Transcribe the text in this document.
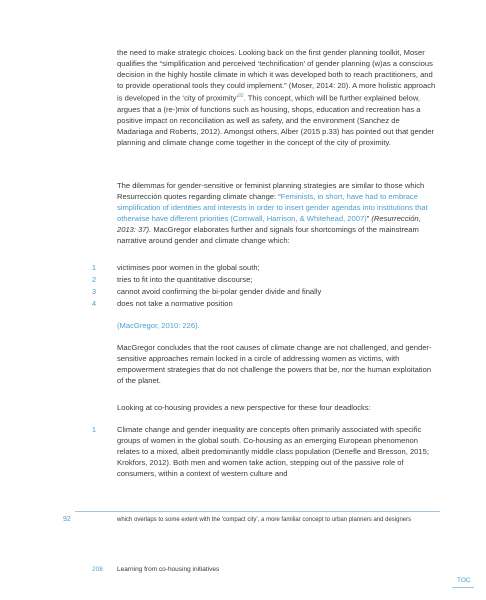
the need to make strategic choices. Looking back on the first gender planning toolkit, Moser qualifies the “simplification and perceived ‘technification’ of gender planning (w)as a conscious decision in the highly hostile climate in which it was developed both to reach practitioners, and to provide operational tools they could implement.” (Moser, 2014: 20). A more holistic approach is developed in the ‘city of proximity’$^{92}$. This concept, which will be further explained below, argues that a (re-)mix of functions such as housing, shops, education and recreation has a positive impact on reconciliation as well as safety, and the environment (Sanchez de Madariaga and Roberts, 2012). Amongst others, Alber (2015 p.33) has pointed out that gender planning and climate change come together in the concept of the city of proximity.

The dilemmas for gender-sensitive or feminist planning strategies are similar to those which Resurrección quotes regarding climate change: “Feminists, in short, have had to embrace simplification of identities and interests in order to insert gender agendas into institutions that otherwise have different priorities (Cornwall, Harrison, & Whitehead, 2007)” (Resurrección, 2013: 37). MacGregor elaborates further and signals four shortcomings of the mainstream narrative around gender and climate change which:

1	victimises poor women in the global south;
2	tries to fit into the quantitative discourse;
3	cannot avoid confirming the bi-polar gender divide and finally
4	does not take a normative position

(MacGregor, 2010: 226).

MacGregor concludes that the root causes of climate change are not challenged, and gender-sensitive approaches remain locked in a circle of addressing women as victims, with empowerment strategies that do not challenge the powers that be, nor the human exploitation of the planet.

Looking at co-housing provides a new perspective for these four deadlocks:

1	Climate change and gender inequality are concepts often primarily associated with specific groups of women in the global south. Co-housing as an emerging European phenomenon relates to a mixed, albeit predominantly middle class population (Denefle and Bresson, 2015; Krokfors, 2012). Both men and women take action, stepping out of the passive role of consumers, within a context of western culture and

92	which overlaps to some extent with the ‘compact city’, a more familiar concept to urban planners and designers
208 Learning from co-housing initiatives
TOC
